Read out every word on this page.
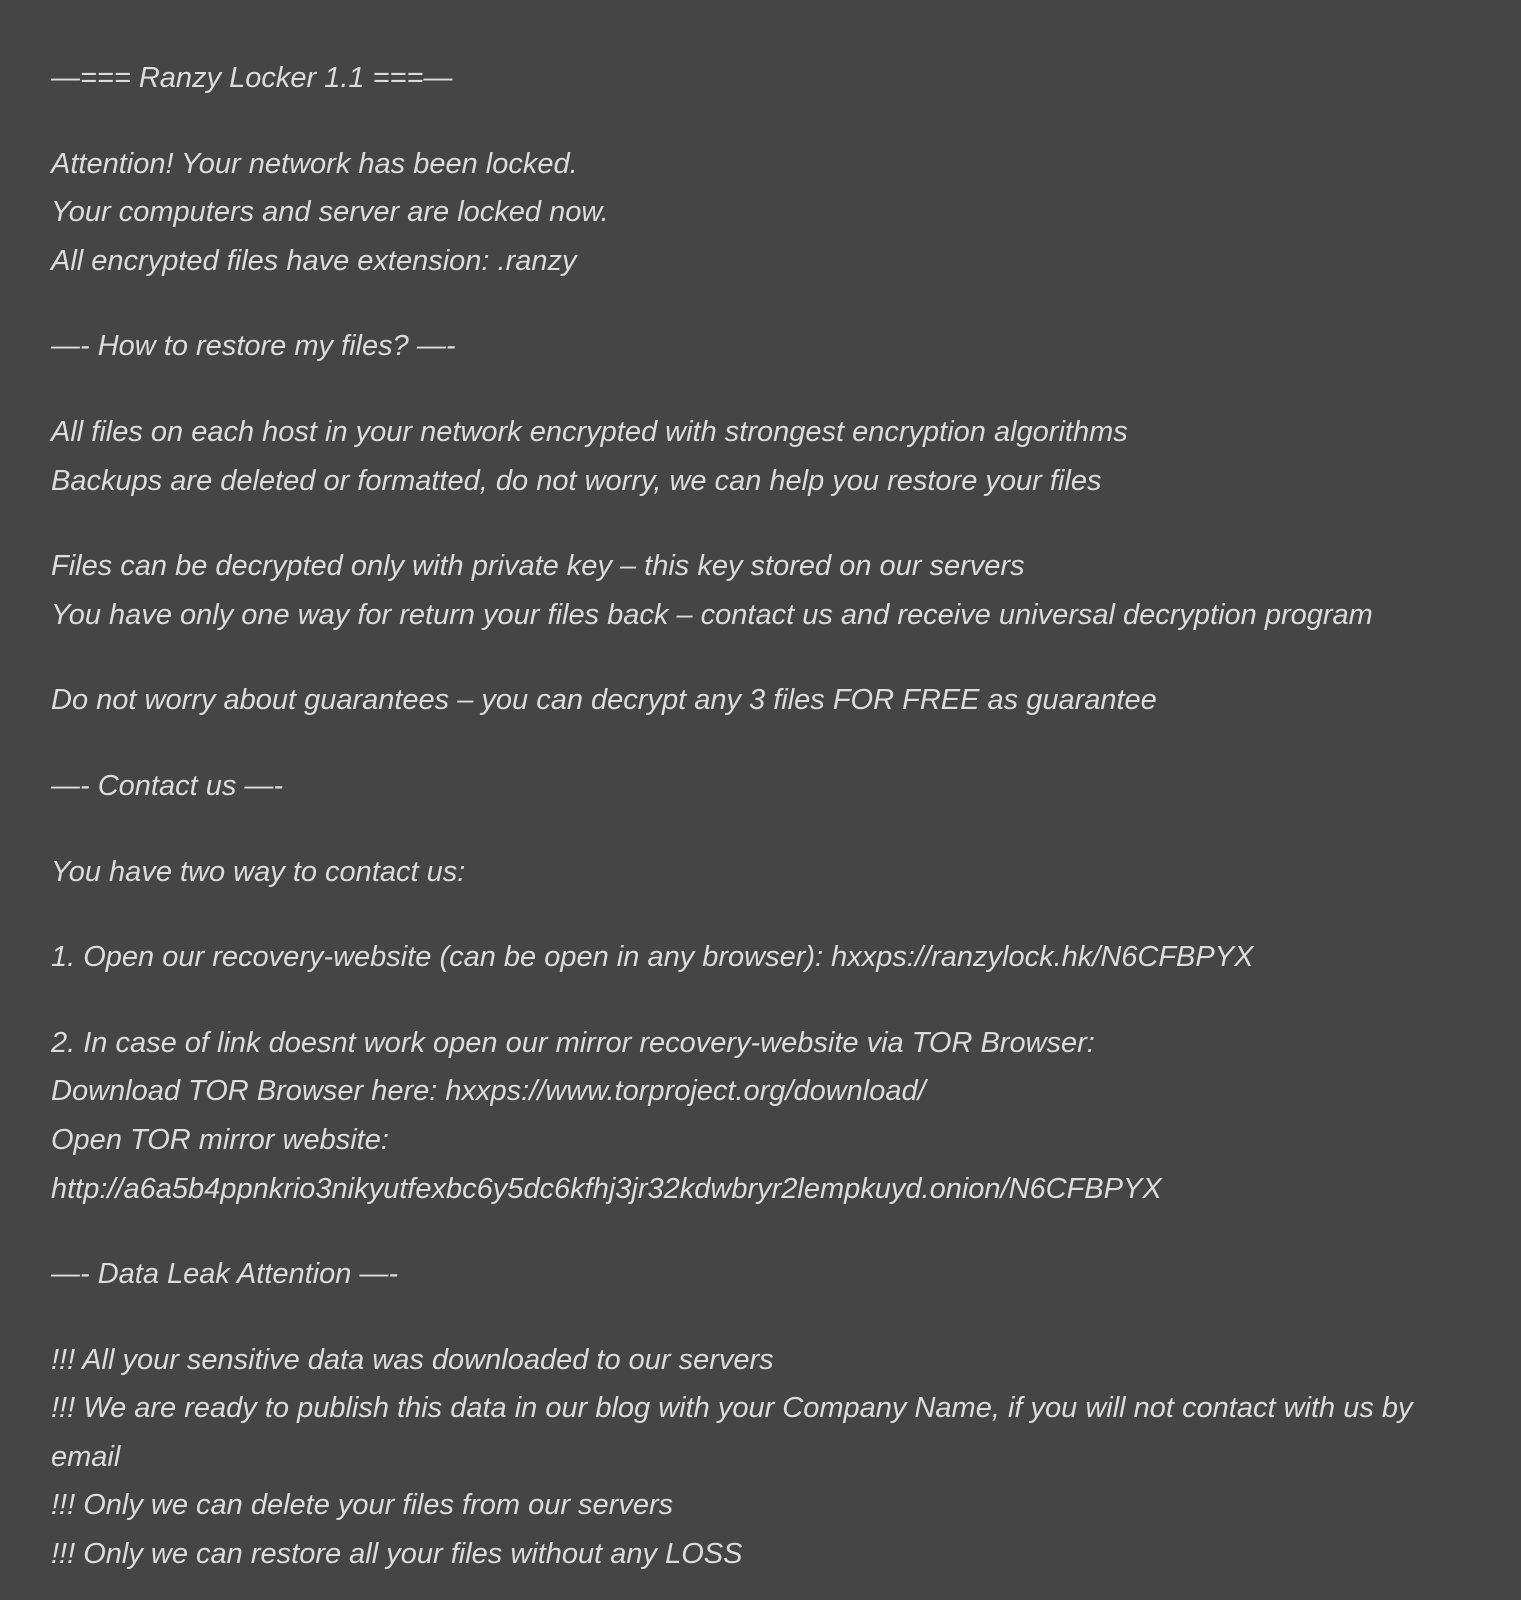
—=== Ranzy Locker 1.1 ===—
Attention! Your network has been locked.
Your computers and server are locked now.
All encrypted files have extension: .ranzy
—- How to restore my files? —-
All files on each host in your network encrypted with strongest encryption algorithms
Backups are deleted or formatted, do not worry, we can help you restore your files
Files can be decrypted only with private key – this key stored on our servers
You have only one way for return your files back – contact us and receive universal decryption program
Do not worry about guarantees – you can decrypt any 3 files FOR FREE as guarantee
—- Contact us —-
You have two way to contact us:
1. Open our recovery-website (can be open in any browser): hxxps://ranzylock.hk/N6CFBPYX
2. In case of link doesnt work open our mirror recovery-website via TOR Browser:
Download TOR Browser here: hxxps://www.torproject.org/download/
Open TOR mirror website:
http://a6a5b4ppnkrio3nikyutfexbc6y5dc6kfhj3jr32kdwbryr2lempkuyd.onion/N6CFBPYX
—- Data Leak Attention —-
!!! All your sensitive data was downloaded to our servers
!!! We are ready to publish this data in our blog with your Company Name, if you will not contact with us by email
!!! Only we can delete your files from our servers
!!! Only we can restore all your files without any LOSS
